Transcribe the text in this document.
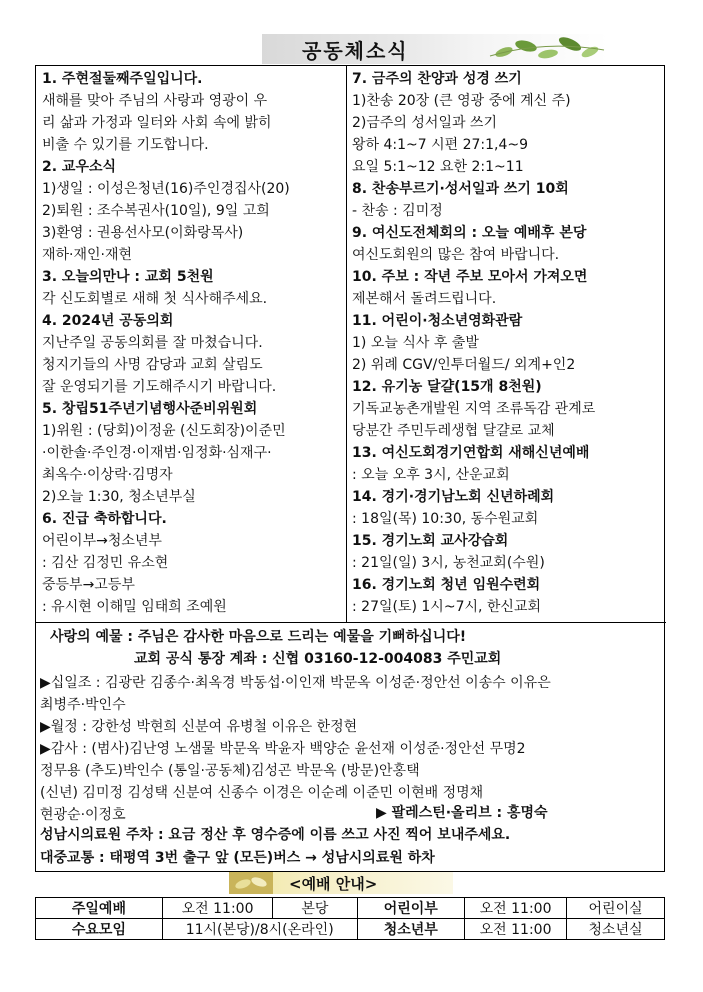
공동체소식
1. 주현절둘째주일입니다.
새해를 맞아 주님의 사랑과 영광이 우
리 삶과 가정과 일터와 사회 속에 밝히
비출 수 있기를 기도합니다.
2. 교우소식
1)생일 : 이성은청년(16)주인경집사(20)
2)퇴원 : 조수복권사(10일), 9일 고희
3)환영 : 권용선사모(이화랑목사)
재하·재인·재현
3. 오늘의만나 : 교회 5천원
각 신도회별로 새해 첫 식사해주세요.
4. 2024년 공동의회
지난주일 공동의회를 잘 마쳤습니다.
청지기들의 사명 감당과 교회 살림도
잘 운영되기를 기도해주시기 바랍니다.
5. 창립51주년기념행사준비위원회
1)위원 : (당회)이정윤 (신도회장)이준민
·이한솔·주인경·이재범·임정화·심재구·
최옥수·이상락·김명자
2)오늘 1:30, 청소년부실
6. 진급 축하합니다.
어린이부→청소년부
: 김산 김정민 유소현
중등부→고등부
: 유시현 이해밀 임태희 조예원
7. 금주의 찬양과 성경 쓰기
1)찬송 20장 (큰 영광 중에 계신 주)
2)금주의 성서일과 쓰기
왕하 4:1~7 시편 27:1,4~9
요일 5:1~12 요한 2:1~11
8. 찬송부르기·성서일과 쓰기 10회
- 찬송 : 김미정
9. 여신도전체회의 : 오늘 예배후 본당
여신도회원의 많은 참여 바랍니다.
10. 주보 : 작년 주보 모아서 가져오면
제본해서 돌려드립니다.
11. 어린이·청소년영화관람
1) 오늘 식사 후 출발
2) 위례 CGV/인투더월드/ 외계+인2
12. 유기농 달걀(15개 8천원)
기독교농촌개발원 지역 조류독감 관계로
당분간 주민두레생협 달걀로 교체
13. 여신도회경기연합회 새해신년예배
: 오늘 오후 3시, 산운교회
14. 경기·경기남노회 신년하례회
: 18일(목) 10:30, 동수원교회
15. 경기노회 교사강습회
: 21일(일) 3시, 농천교회(수원)
16. 경기노회 청년 임원수련회
: 27일(토) 1시~7시, 한신교회
사랑의 예물 : 주님은 감사한 마음으로 드리는 예물을 기뻐하십니다!
교회 공식 통장 계좌 : 신협 03160-12-004083 주민교회
▶십일조 : 김광란 김종수·최옥경 박동섭·이인재 박문옥 이성준·정안선 이송수 이유은
최병주·박인수
▶월정 : 강한성 박현희 신분여 유병철 이유은 한정현
▶감사 : (범사)김난영 노샘물 박문옥 박윤자 백양순 윤선재 이성준·정안선 무명2
정무용 (추도)박인수 (통일·공동체)김성곤 박문옥 (방문)안홍택
(신년) 김미정 김성택 신분여 신종수 이경은 이순례 이준민 이현배 정명채
현광순·이정호	▶ 팔레스틴·올리브 : 홍명숙
성남시의료원 주차 : 요금 정산 후 영수증에 이름 쓰고 사진 찍어 보내주세요.
대중교통 : 태평역 3번 출구 앞 (모든)버스 → 성남시의료원 하차
<예배 안내>
주일예배	오전 11:00	본당	어린이부	오전 11:00	어린이실
수요모임	11시(본당)/8시(온라인)		청소년부	오전 11:00	청소년실
